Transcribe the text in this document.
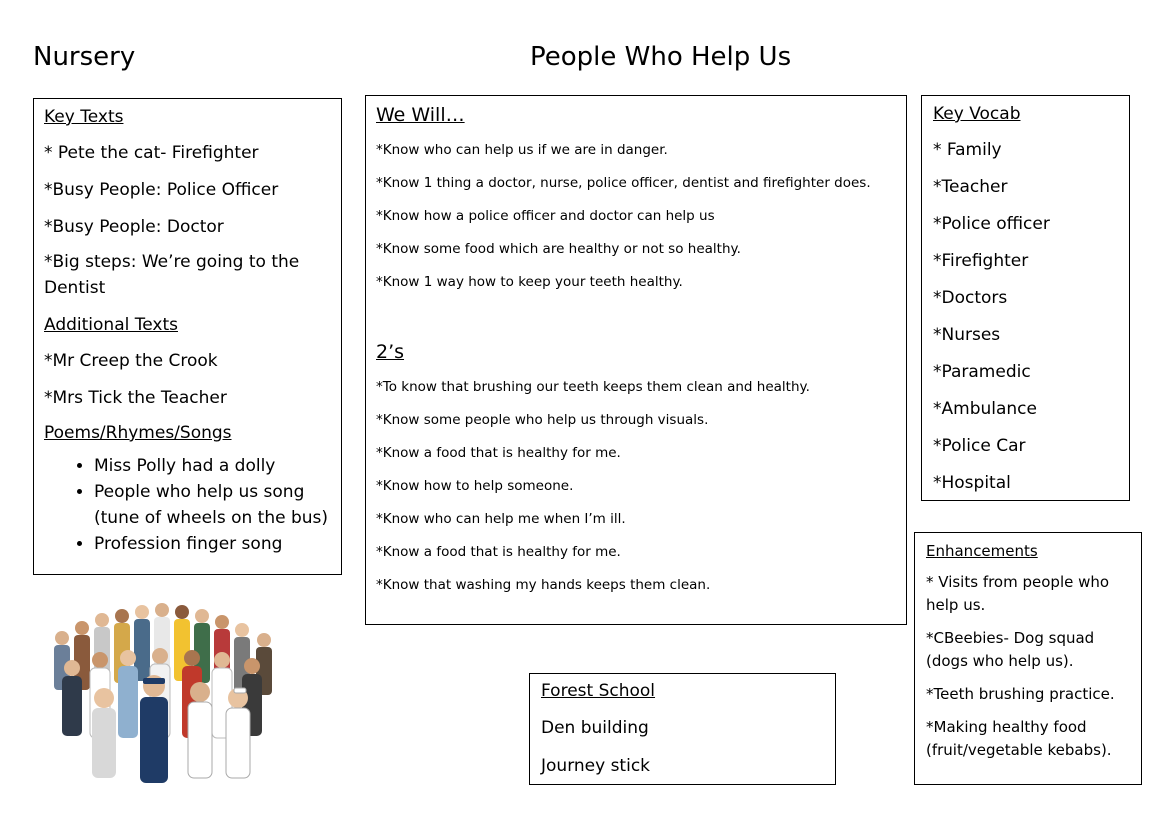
Nursery	People Who Help Us
Key Texts
* Pete the cat- Firefighter
*Busy People: Police Officer
*Busy People: Doctor
*Big steps: We’re going to the Dentist
Additional Texts
*Mr Creep the Crook
*Mrs Tick the Teacher
Poems/Rhymes/Songs
• Miss Polly had a dolly
• People who help us song (tune of wheels on the bus)
• Profession finger song
We Will…
*Know who can help us if we are in danger.
*Know 1 thing a doctor, nurse, police officer, dentist and firefighter does.
*Know how a police officer and doctor can help us
*Know some food which are healthy or not so healthy.
*Know 1 way how to keep your teeth healthy.
2’s
*To know that brushing our teeth keeps them clean and healthy.
*Know some people who help us through visuals.
*Know a food that is healthy for me.
*Know how to help someone.
*Know who can help me when I’m ill.
*Know a food that is healthy for me.
*Know that washing my hands keeps them clean.
Key Vocab
* Family
*Teacher
*Police officer
*Firefighter
*Doctors
*Nurses
*Paramedic
*Ambulance
*Police Car
*Hospital
Enhancements
* Visits from people who help us.
*CBeebies- Dog squad (dogs who help us).
*Teeth brushing practice.
*Making healthy food (fruit/vegetable kebabs).
Forest School
Den building
Journey stick
